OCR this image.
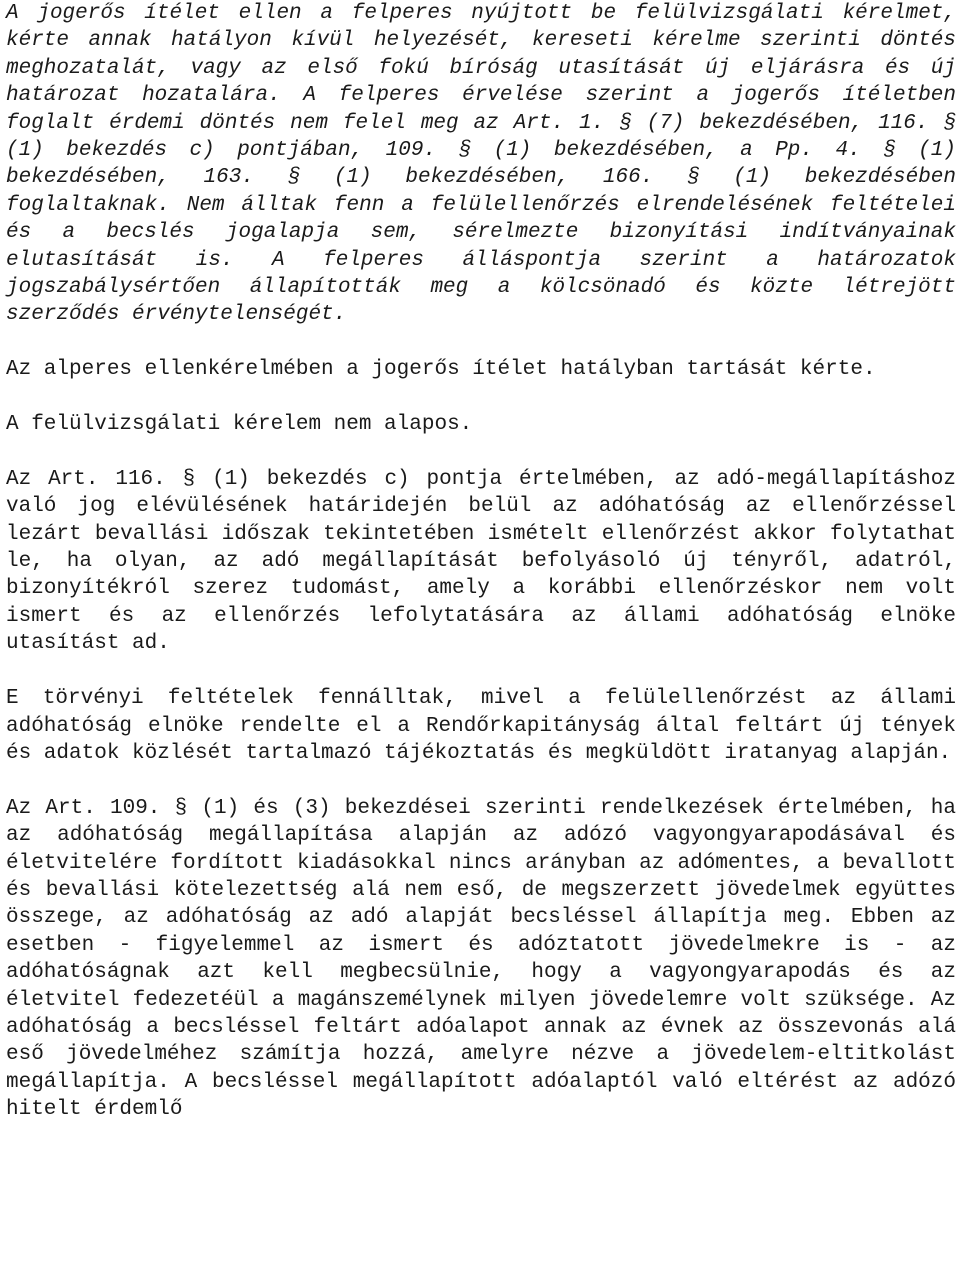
A jogerős ítélet ellen a felperes nyújtott be felülvizsgálati kérelmet, kérte annak hatályon kívül helyezését, kereseti kérelme szerinti döntés meghozatalát, vagy az első fokú bíróság utasítását új eljárásra és új határozat hozatalára. A felperes érvelése szerint a jogerős ítéletben foglalt érdemi döntés nem felel meg az Art. 1. § (7) bekezdésében, 116. § (1) bekezdés c) pontjában, 109. § (1) bekezdésében, a Pp. 4. § (1) bekezdésében, 163. § (1) bekezdésében, 166. § (1) bekezdésében foglaltaknak. Nem álltak fenn a felülellenőrzés elrendelésének feltételei és a becslés jogalapja sem, sérelmezte bizonyítási indítványainak elutasítását is. A felperes álláspontja szerint a határozatok jogszabálysértően állapították meg a kölcsönadó és közte létrejött szerződés érvénytelenségét.

Az alperes ellenkérelmében a jogerős ítélet hatályban tartását kérte.

A felülvizsgálati kérelem nem alapos.

Az Art. 116. § (1) bekezdés c) pontja értelmében, az adó-megállapításhoz való jog elévülésének határidején belül az adóhatóság az ellenőrzéssel lezárt bevallási időszak tekintetében ismételt ellenőrzést akkor folytathat le, ha olyan, az adó megállapítását befolyásoló új tényről, adatról, bizonyítékról szerez tudomást, amely a korábbi ellenőrzéskor nem volt ismert és az ellenőrzés lefolytatására az állami adóhatóság elnöke utasítást ad.

E törvényi feltételek fennálltak, mivel a felülellenőrzést az állami adóhatóság elnöke rendelte el a Rendőrkapitányság által feltárt új tények és adatok közlését tartalmazó tájékoztatás és megküldött iratanyag alapján.

Az Art. 109. § (1) és (3) bekezdései szerinti rendelkezések értelmében, ha az adóhatóság megállapítása alapján az adózó vagyongyarapodásával és életvitelére fordított kiadásokkal nincs arányban az adómentes, a bevallott és bevallási kötelezettség alá nem eső, de megszerzett jövedelmek együttes összege, az adóhatóság az adó alapját becsléssel állapítja meg. Ebben az esetben - figyelemmel az ismert és adóztatott jövedelmekre is - az adóhatóságnak azt kell megbecsülnie, hogy a vagyongyarapodás és az életvitel fedezetéül a magánszemélynek milyen jövedelemre volt szüksége. Az adóhatóság a becsléssel feltárt adóalapot annak az évnek az összevonás alá eső jövedelméhez számítja hozzá, amelyre nézve a jövedelem-eltitkolást megállapítja. A becsléssel megállapított adóalaptól való eltérést az adózó hitelt érdemlő
